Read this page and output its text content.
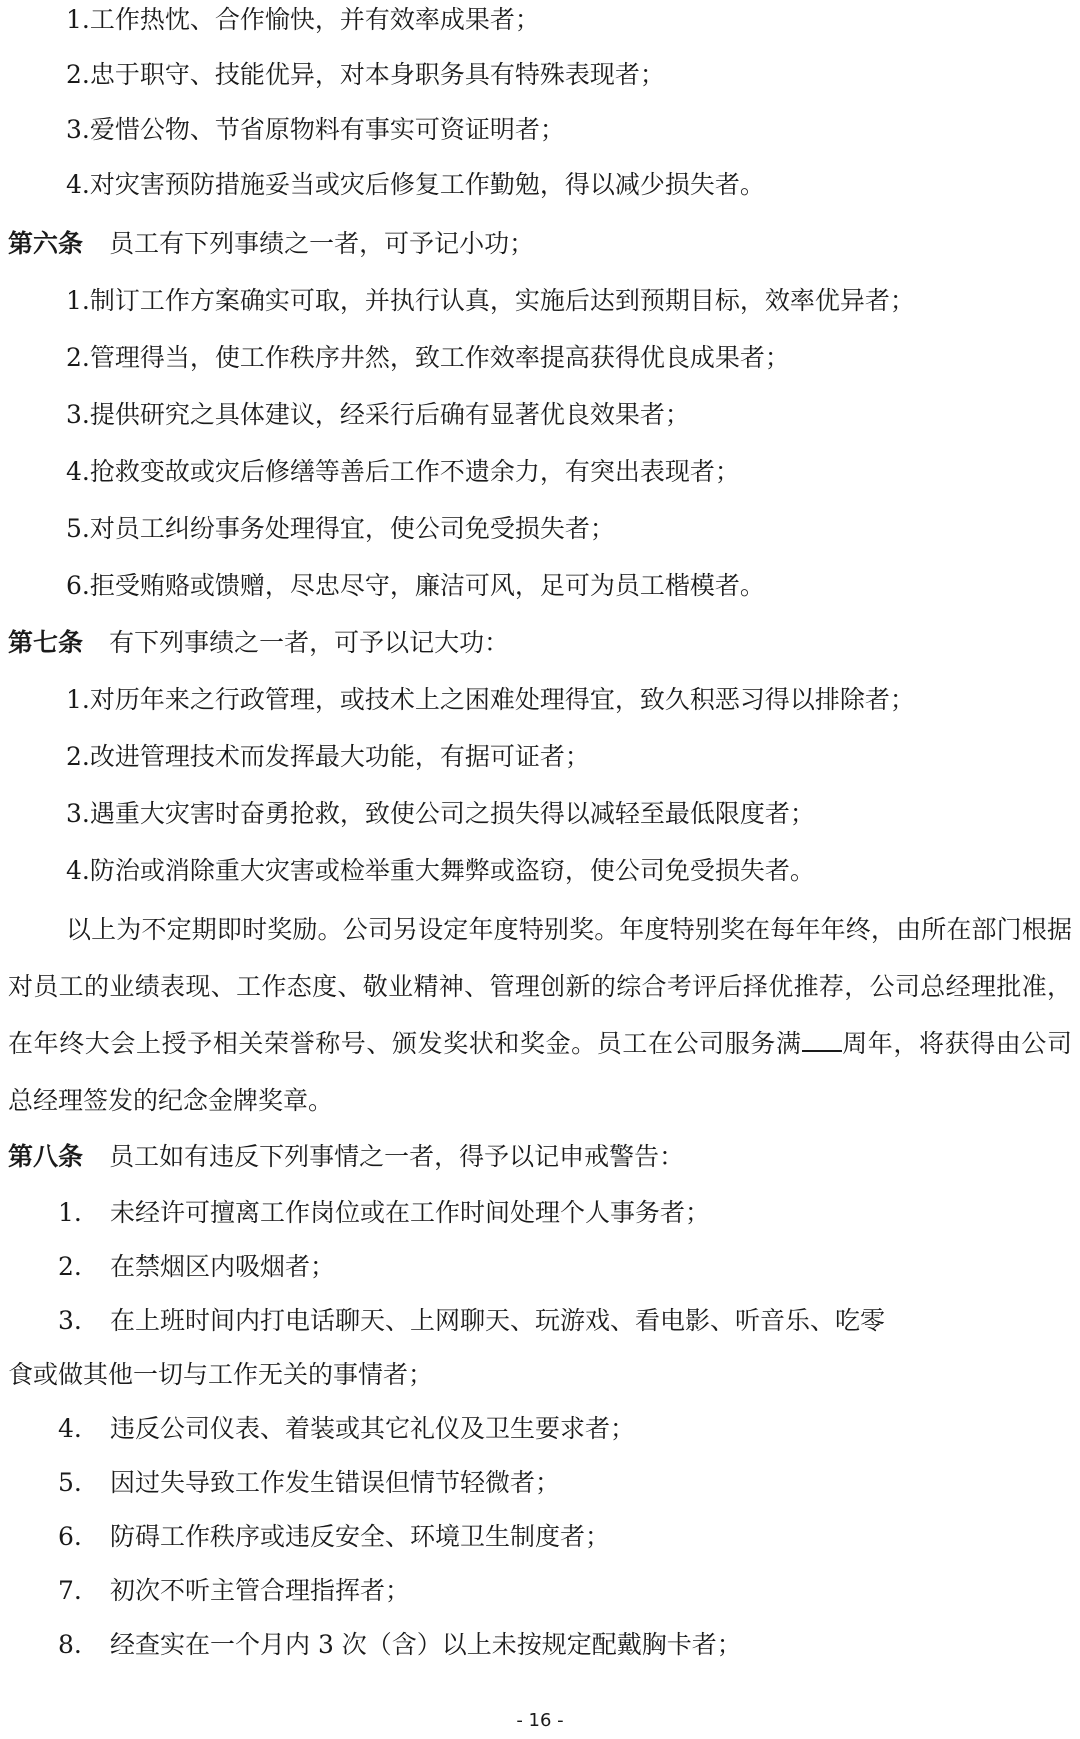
1.工作热忱、合作愉快，并有效率成果者；
2.忠于职守、技能优异，对本身职务具有特殊表现者；
3.爱惜公物、节省原物料有事实可资证明者；
4.对灾害预防措施妥当或灾后修复工作勤勉，得以减少损失者。
第六条 员工有下列事绩之一者，可予记小功；
1.制订工作方案确实可取，并执行认真，实施后达到预期目标，效率优异者；
2.管理得当，使工作秩序井然，致工作效率提高获得优良成果者；
3.提供研究之具体建议，经采行后确有显著优良效果者；
4.抢救变故或灾后修缮等善后工作不遗余力，有突出表现者；
5.对员工纠纷事务处理得宜，使公司免受损失者；
6.拒受贿赂或馈赠，尽忠尽守，廉洁可风，足可为员工楷模者。
第七条 有下列事绩之一者，可予以记大功：
1.对历年来之行政管理，或技术上之困难处理得宜，致久积恶习得以排除者；
2.改进管理技术而发挥最大功能，有据可证者；
3.遇重大灾害时奋勇抢救，致使公司之损失得以减轻至最低限度者；
4.防治或消除重大灾害或检举重大舞弊或盗窃，使公司免受损失者。
以上为不定期即时奖励。公司另设定年度特别奖。年度特别奖在每年年终，由所在部门根据对员工的业绩表现、工作态度、敬业精神、管理创新的综合考评后择优推荐，公司总经理批准，在年终大会上授予相关荣誉称号、颁发奖状和奖金。员工在公司服务满 周年，将获得由公司总经理签发的纪念金牌奖章。
第八条 员工如有违反下列事情之一者，得予以记申戒警告：
1. 未经许可擅离工作岗位或在工作时间处理个人事务者；
2. 在禁烟区内吸烟者；
3. 在上班时间内打电话聊天、上网聊天、玩游戏、看电影、听音乐、吃零
食或做其他一切与工作无关的事情者；
4. 违反公司仪表、着装或其它礼仪及卫生要求者；
5. 因过失导致工作发生错误但情节轻微者；
6. 防碍工作秩序或违反安全、环境卫生制度者；
7. 初次不听主管合理指挥者；
8. 经查实在一个月内 3 次（含）以上未按规定配戴胸卡者；
- 16 -
